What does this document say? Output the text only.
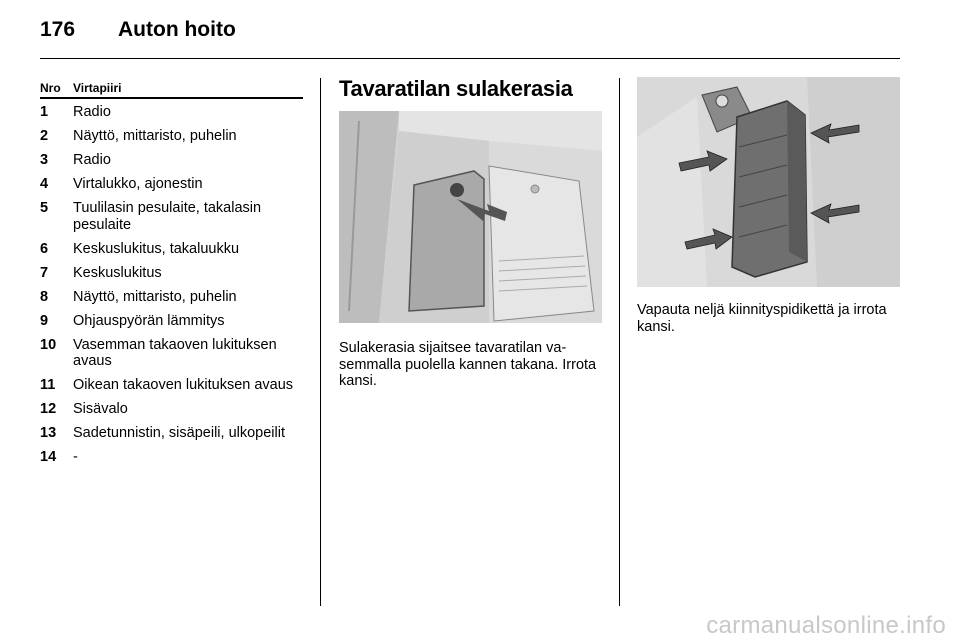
176 Auton hoito
Nro Virtapiiri
1	Radio
2	Näyttö, mittaristo, puhelin
3	Radio
4	Virtalukko, ajonestin
5	Tuulilasin pesulaite, takalasin pesulaite
6	Keskuslukitus, takaluukku
7	Keskuslukitus
8	Näyttö, mittaristo, puhelin
9	Ohjauspyörän lämmitys
10	Vasemman takaoven lukituksen avaus
11	Oikean takaoven lukituksen avaus
12	Sisävalo
13	Sadetunnistin, sisäpeili, ulkopeilit
14	-
Tavaratilan sulakerasia
Sulakerasia sijaitsee tavaratilan vasemmalla puolella kannen takana. Irrota kansi.
Vapauta neljä kiinnityspidikettä ja irrota kansi.
carmanualsonline.info
